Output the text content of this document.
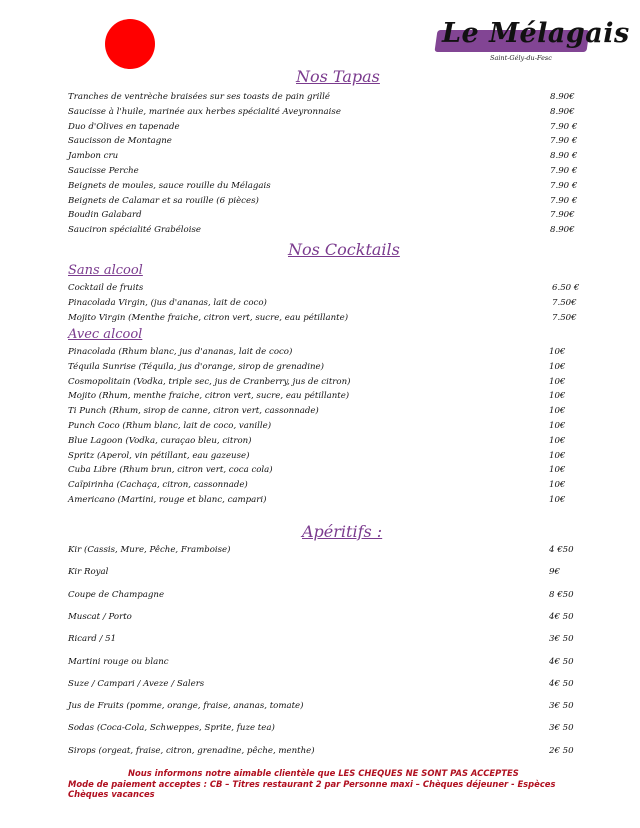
Le Mélagais
Saint-Gély-du-Fesc
Nos Tapas
Tranches de ventrèche braisées sur ses toasts de pain grillé	8.90€
Saucisse à l'huile, marinée aux herbes spécialité Aveyronnaise	8.90€
Duo d'Olives en tapenade	7.90 €
Saucisson de Montagne	7.90 €
Jambon cru	8.90 €
Saucisse Perche	7.90 €
Beignets de moules, sauce rouille du Mélagais	7.90 €
Beignets de Calamar et sa rouille (6 pièces)	7.90 €
Boudin Galabard	7.90€
Sauciron spécialité Grabéloise	8.90€
Nos Cocktails
Sans alcool
Cocktail de fruits	6.50 €
Pinacolada Virgin, (jus d'ananas, lait de coco)	7.50€
Mojito Virgin (Menthe fraiche, citron vert, sucre, eau pétillante)	7.50€
Avec alcool
Pinacolada (Rhum blanc, jus d'ananas, lait de coco)	10€
Téquila Sunrise (Téquila, jus d'orange, sirop de grenadine)	10€
Cosmopolitain (Vodka, triple sec, jus de Cranberry, jus de citron)	10€
Mojito (Rhum, menthe fraiche, citron vert, sucre, eau pétillante)	10€
Ti Punch (Rhum, sirop de canne, citron vert, cassonnade)	10€
Punch Coco (Rhum blanc, lait de coco, vanille)	10€
Blue Lagoon (Vodka, curaçao bleu, citron)	10€
Spritz (Aperol, vin pétillant, eau gazeuse)	10€
Cuba Libre (Rhum brun, citron vert, coca cola)	10€
Caïpirinha (Cachaça, citron, cassonnade)	10€
Americano (Martini, rouge et blanc, campari)	10€
Apéritifs :
Kir (Cassis, Mure, Pêche, Framboise)	4 €50
Kir Royal	9€
Coupe de Champagne	8 €50
Muscat / Porto	4€ 50
Ricard / 51	3€ 50
Martini rouge ou blanc	4€ 50
Suze / Campari / Aveze / Salers	4€ 50
Jus de Fruits (pomme, orange, fraise, ananas, tomate)	3€ 50
Sodas (Coca-Cola, Schweppes, Sprite, fuze tea)	3€ 50
Sirops (orgeat, fraise, citron, grenadine, pêche, menthe)	2€ 50
Nous informons notre aimable clientèle que LES CHEQUES NE SONT PAS ACCEPTES
Mode de paiement acceptes : CB – Titres restaurant 2 par Personne maxi – Chèques déjeuner - Espèces
Chèques vacances
